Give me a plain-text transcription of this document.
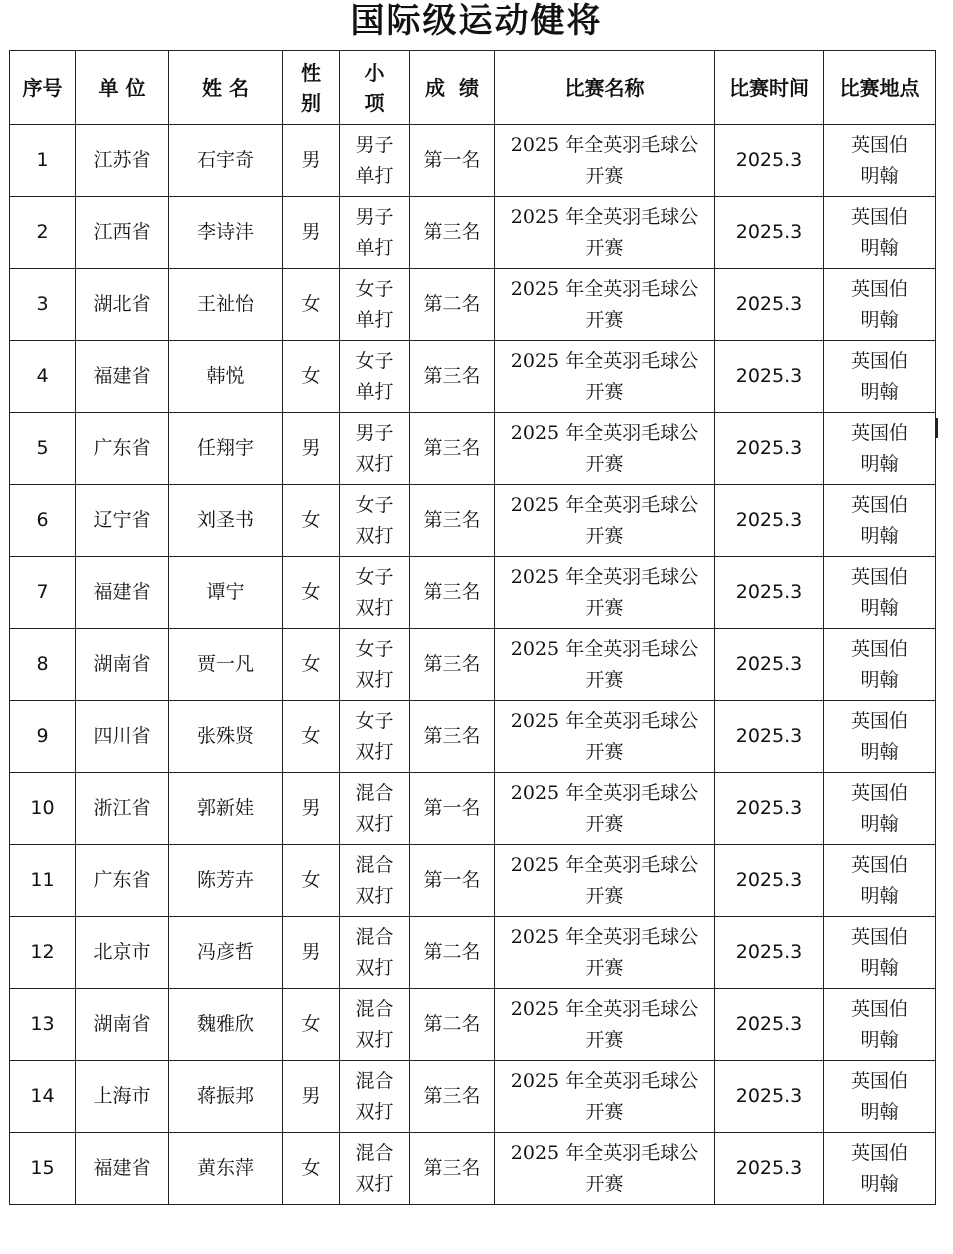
国际级运动健将
序号	单 位	姓 名	性别	小项	成  绩	比赛名称	比赛时间	比赛地点
1	江苏省	石宇奇	男	男子单打	第一名	2025 年全英羽毛球公开赛	2025.3	英国伯明翰
2	江西省	李诗沣	男	男子单打	第三名	2025 年全英羽毛球公开赛	2025.3	英国伯明翰
3	湖北省	王祉怡	女	女子单打	第二名	2025 年全英羽毛球公开赛	2025.3	英国伯明翰
4	福建省	韩悦	女	女子单打	第三名	2025 年全英羽毛球公开赛	2025.3	英国伯明翰
5	广东省	任翔宇	男	男子双打	第三名	2025 年全英羽毛球公开赛	2025.3	英国伯明翰
6	辽宁省	刘圣书	女	女子双打	第三名	2025 年全英羽毛球公开赛	2025.3	英国伯明翰
7	福建省	谭宁	女	女子双打	第三名	2025 年全英羽毛球公开赛	2025.3	英国伯明翰
8	湖南省	贾一凡	女	女子双打	第三名	2025 年全英羽毛球公开赛	2025.3	英国伯明翰
9	四川省	张殊贤	女	女子双打	第三名	2025 年全英羽毛球公开赛	2025.3	英国伯明翰
10	浙江省	郭新娃	男	混合双打	第一名	2025 年全英羽毛球公开赛	2025.3	英国伯明翰
11	广东省	陈芳卉	女	混合双打	第一名	2025 年全英羽毛球公开赛	2025.3	英国伯明翰
12	北京市	冯彦哲	男	混合双打	第二名	2025 年全英羽毛球公开赛	2025.3	英国伯明翰
13	湖南省	魏雅欣	女	混合双打	第二名	2025 年全英羽毛球公开赛	2025.3	英国伯明翰
14	上海市	蒋振邦	男	混合双打	第三名	2025 年全英羽毛球公开赛	2025.3	英国伯明翰
15	福建省	黄东萍	女	混合双打	第三名	2025 年全英羽毛球公开赛	2025.3	英国伯明翰
